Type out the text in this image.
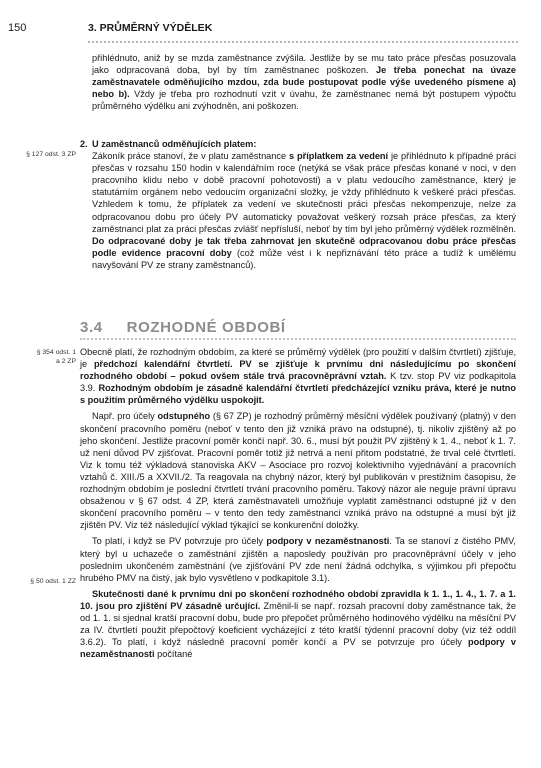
150	3. PRŮMĚRNÝ VÝDĚLEK

přihlédnuto, aniž by se mzda zaměstnance zvýšila. Jestliže by se mu tato práce přesčas posuzovala jako odpracovaná doba, byl by tím zaměstnanec poškozen. Je třeba ponechat na úvaze zaměstnavatele odměňujícího mzdou, zda bude postupovat podle výše uvedeného písmene a) nebo b). Vždy je třeba pro rozhodnutí vzít v úvahu, že zaměstnanec nemá být postupem výpočtu průměrného výdělku ani zvýhodněn, ani poškozen.

§ 127 odst. 3 ZP

2. U zaměstnanců odměňujících platem:

Zákoník práce stanoví, že v platu zaměstnance s příplatkem za vedení je přihlédnuto k případné práci přesčas v rozsahu 150 hodin v kalendářním roce (netýká se však práce přesčas konané v noci, v den pracovního klidu nebo v době pracovní pohotovosti) a v platu vedoucího zaměstnance, který je statutárním orgánem nebo vedoucím organizační složky, je vždy přihlédnuto k veškeré práci přesčas. Vzhledem k tomu, že příplatek za vedení ve skutečnosti práci přesčas nekompenzuje, nelze za odpracovanou dobu pro účely PV automaticky považovat veškerý rozsah práce přesčas, za který zaměstnanci plat za práci přesčas zvlášť nepřísluší, neboť by tím byl jeho průměrný výdělek rozmělněn. Do odpracované doby je tak třeba zahrnovat jen skutečně odpracovanou dobu práce přesčas podle evidence pracovní doby (což může vést i k nepřiznávání této práce a tudíž k umělému navyšování PV ze strany zaměstnanců).

3.4 ROZHODNÉ OBDOBÍ
§ 354 odst. 1
a 2 ZP

Obecně platí, že rozhodným obdobím, za které se průměrný výdělek (pro použití v dalším čtvrtletí) zjišťuje, je předchozí kalendářní čtvrtletí. PV se zjišťuje k prvnímu dni následujícímu po skončení rozhodného období – pokud ovšem stále trvá pracovněprávní vztah. K tzv. stop PV viz podkapitola 3.9. Rozhodným obdobím je zásadně kalendářní čtvrtletí předcházející vzniku práva, které je nutno s použitím průměrného výdělku uspokojit.

Např. pro účely odstupného (§ 67 ZP) je rozhodný průměrný měsíční výdělek používaný (platný) v den skončení pracovního poměru (neboť v tento den již vzniká právo na odstupné), tj. nikoliv zjištěný až po jeho skončení. Jestliže pracovní poměr končí např. 30. 6., musí být použit PV zjištěný k 1. 4., neboť k 1. 7. už není důvod PV zjišťovat. Pracovní poměr totiž již netrvá a není přitom podstatné, že trval celé čtvrtletí. Viz k tomu též výkladová stanoviska AKV – Asociace pro rozvoj kolektivního vyjednávání a pracovních vztahů č. XIII./5 a XXVII./2. Ta reagovala na chybný názor, který byl publikován v prestižním časopisu, že rozhodným obdobím je poslední čtvrtletí trvání pracovního poměru. Takový názor ale neguje právní úpravu obsaženou v § 67 odst. 4 ZP, která zaměstnavateli umožňuje vyplatit zaměstnanci odstupné již v den skončení pracovního poměru – v tento den tedy zaměstnanci vzniká právo na odstupné a musí být již zjištěn PV. Viz též následující výklad týkající se konkurenční doložky.

To platí, i když se PV potvrzuje pro účely podpory v nezaměstnanosti. Ta se stanoví z čistého PMV, který byl u uchazeče o zaměstnání zjištěn a naposledy používán pro pracovněprávní účely v jeho posledním ukončeném zaměstnání (ve zjišťování PV zde není žádná odchylka, s výjimkou při přepočtu hrubého PMV na čistý, jak bylo vysvětleno v podkapitole 3.1).

Skutečnosti dané k prvnímu dni po skončení rozhodného období zpravidla k 1. 1., 1. 4., 1. 7. a 1. 10. jsou pro zjištění PV zásadně určující. Změnil-li se např. rozsah pracovní doby zaměstnance tak, že od 1. 1. si sjednal kratší pracovní dobu, bude pro přepočet průměrného hodinového výdělku na měsíční PV za IV. čtvrtletí použit přepočtový koeficient vycházející z této kratší týdenní pracovní doby (viz též oddíl 3.6.2). To platí, i když následně pracovní poměr končí a PV se potvrzuje pro účely podpory v nezaměstnanosti počítané

§ 50 odst. 1 ZZ
